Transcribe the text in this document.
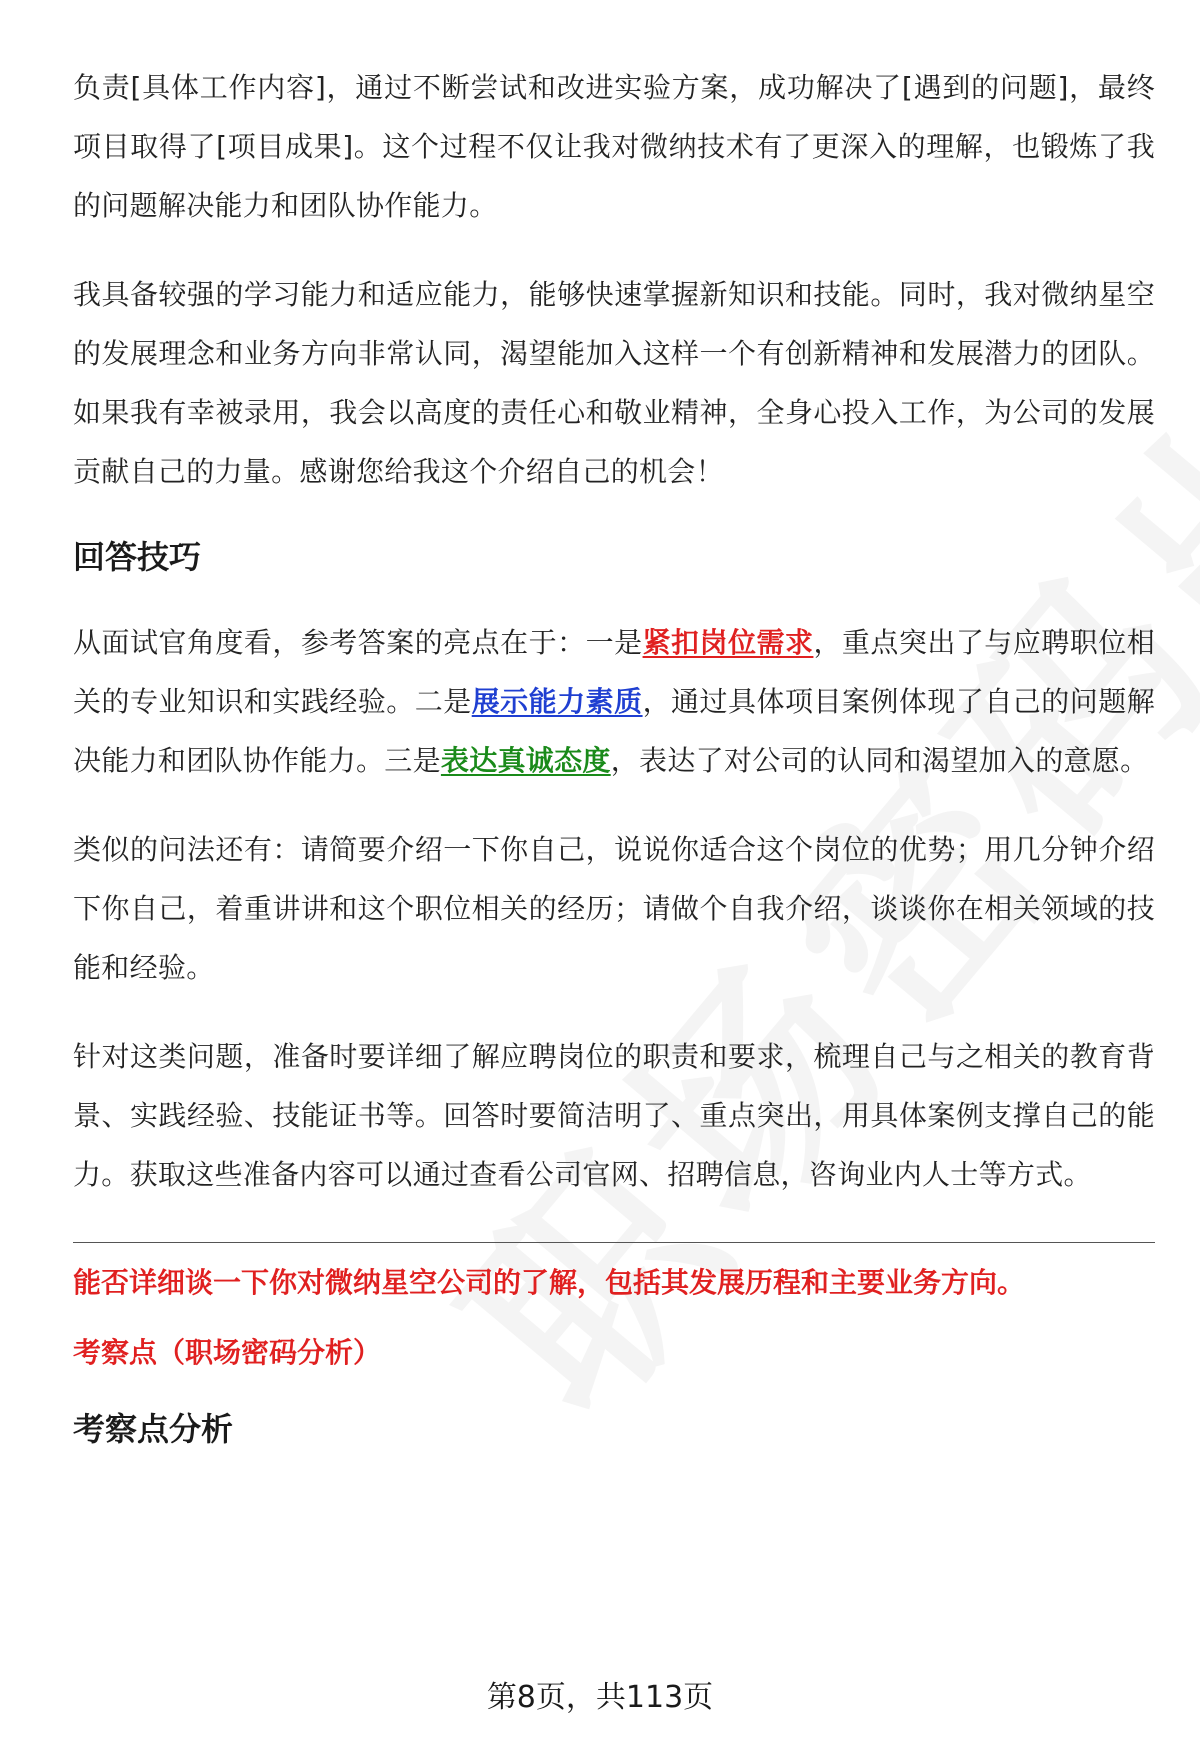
负责[具体工作内容]，通过不断尝试和改进实验方案，成功解决了[遇到的问题]，最终项目取得了[项目成果]。这个过程不仅让我对微纳技术有了更深入的理解，也锻炼了我的问题解决能力和团队协作能力。

我具备较强的学习能力和适应能力，能够快速掌握新知识和技能。同时，我对微纳星空的发展理念和业务方向非常认同，渴望能加入这样一个有创新精神和发展潜力的团队。如果我有幸被录用，我会以高度的责任心和敬业精神，全身心投入工作，为公司的发展贡献自己的力量。感谢您给我这个介绍自己的机会！

回答技巧

从面试官角度看，参考答案的亮点在于：一是紧扣岗位需求，重点突出了与应聘职位相关的专业知识和实践经验。二是展示能力素质，通过具体项目案例体现了自己的问题解决能力和团队协作能力。三是表达真诚态度，表达了对公司的认同和渴望加入的意愿。

类似的问法还有：请简要介绍一下你自己，说说你适合这个岗位的优势；用几分钟介绍下你自己，着重讲讲和这个职位相关的经历；请做个自我介绍，谈谈你在相关领域的技能和经验。

针对这类问题，准备时要详细了解应聘岗位的职责和要求，梳理自己与之相关的教育背景、实践经验、技能证书等。回答时要简洁明了、重点突出，用具体案例支撑自己的能力。获取这些准备内容可以通过查看公司官网、招聘信息，咨询业内人士等方式。

能否详细谈一下你对微纳星空公司的了解，包括其发展历程和主要业务方向。

考察点（职场密码分析）

考察点分析
第8页，共113页
